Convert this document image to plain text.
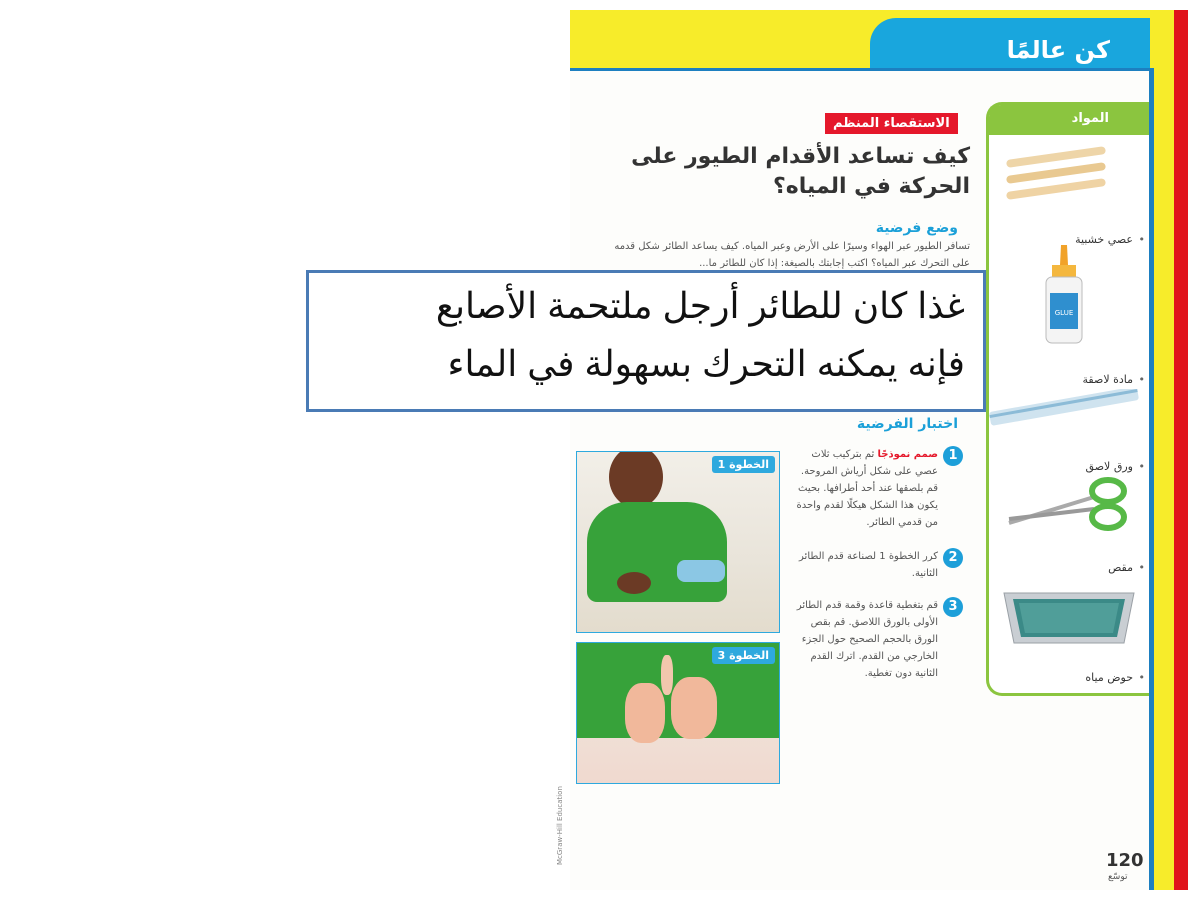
كن عالمًا
المواد
عصي خشبية •
GLUE
مادة لاصقة •
ورق لاصق •
مقص •
حوض مياه •
الاستقصاء المنظم
كيف تساعد الأقدام الطيور على الحركة في المياه؟
وضع فرضية
تسافر الطيور عبر الهواء وسيرًا على الأرض وعبر المياه. كيف يساعد الطائر شكل قدمه على التحرك عبر المياه؟ اكتب إجابتك بالصيغة: إذا كان للطائر ما...
اختبار الفرضية
الخطوة 1
الخطوة 3
1
صمم نموذجًا ثم بتركيب ثلاث عصي على شكل أرياش المروحة. قم بلصقها عند أحد أطرافها. بحيث يكون هذا الشكل هيكلًا لقدم واحدة من قدمي الطائر.
2
كرر الخطوة 1 لصناعة قدم الطائر الثانية.
3
قم بتغطية قاعدة وقمة قدم الطائر الأولى بالورق اللاصق. قم بقص الورق بالحجم الصحيح حول الجزء الخارجي من القدم. اترك القدم الثانية دون تغطية.
McGraw-Hill Education	120
توسّع
غذا كان للطائر أرجل ملتحمة الأصابع
فإنه يمكنه التحرك بسهولة في الماء
